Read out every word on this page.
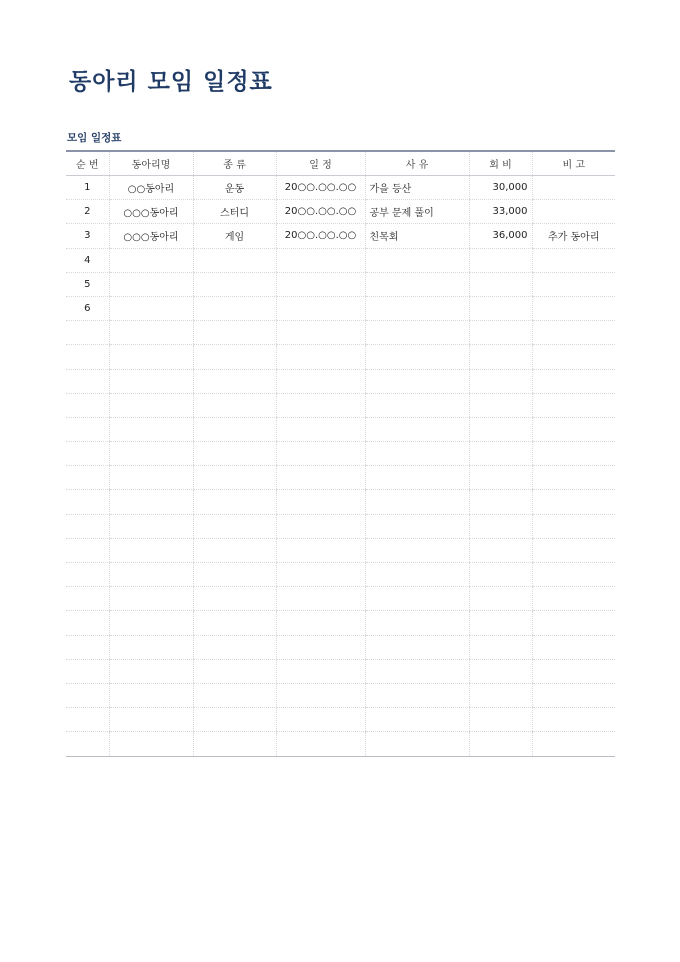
동아리 모임 일정표
모임 일정표
순 번	동아리명	종 류	일 정	사 유	회 비	비 고
1	○○동아리	운동	20○○.○○.○○	가을 등산	30,000	
2	○○○동아리	스터디	20○○.○○.○○	공부 문제 풀이	33,000	
3	○○○동아리	게임	20○○.○○.○○	친목회	36,000	추가 동아리
4						
5						
6						
